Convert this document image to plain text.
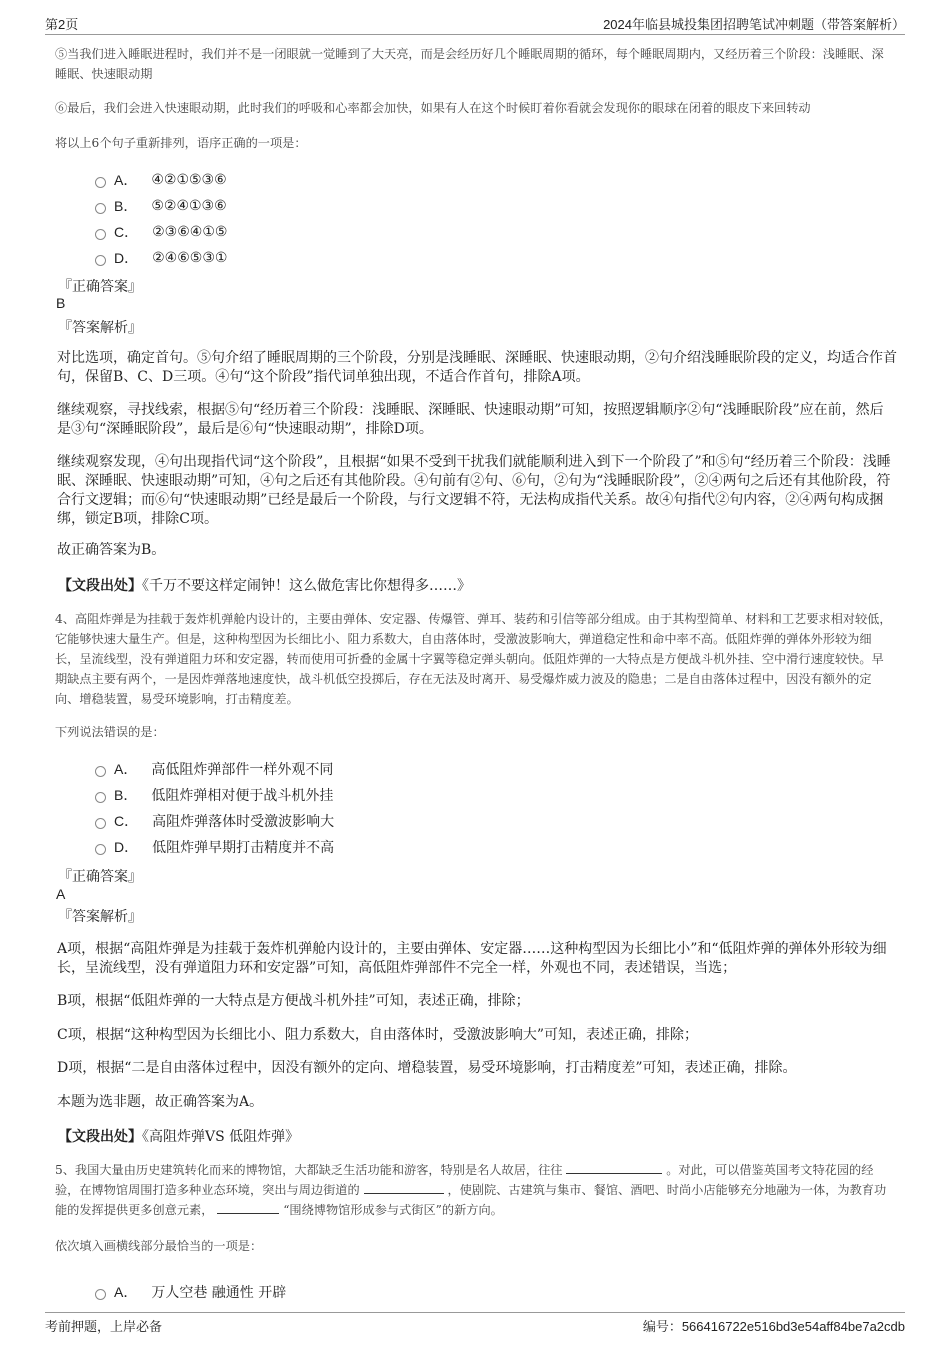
第2页	2024年临县城投集团招聘笔试冲刺题（带答案解析）

⑤当我们进入睡眠进程时，我们并不是一闭眼就一觉睡到了大天亮，而是会经历好几个睡眠周期的循环，每个睡眠周期内，又经历着三个阶段：浅睡眠、深睡眠、快速眼动期

⑥最后，我们会进入快速眼动期，此时我们的呼吸和心率都会加快，如果有人在这个时候盯着你看就会发现你的眼球在闭着的眼皮下来回转动

将以上6个句子重新排列，语序正确的一项是：

A． ④②①⑤③⑥
B． ⑤②④①③⑥
C． ②③⑥④①⑤
D． ②④⑥⑤③①
『正确答案』
B
『答案解析』

对比选项，确定首句。⑤句介绍了睡眠周期的三个阶段，分别是浅睡眠、深睡眠、快速眼动期，②句介绍浅睡眠阶段的定义，均适合作首句，保留B、C、D三项。④句“这个阶段”指代词单独出现，不适合作首句，排除A项。

继续观察，寻找线索，根据⑤句“经历着三个阶段：浅睡眠、深睡眠、快速眼动期”可知，按照逻辑顺序②句“浅睡眠阶段”应在前，然后是③句“深睡眠阶段”，最后是⑥句“快速眼动期”，排除D项。

继续观察发现，④句出现指代词“这个阶段”，且根据“如果不受到干扰我们就能顺利进入到下一个阶段了”和⑤句“经历着三个阶段：浅睡眠、深睡眠、快速眼动期”可知，④句之后还有其他阶段。④句前有②句、⑥句，②句为“浅睡眠阶段”，②④两句之后还有其他阶段，符合行文逻辑；而⑥句“快速眼动期”已经是最后一个阶段，与行文逻辑不符，无法构成指代关系。故④句指代②句内容，②④两句构成捆绑，锁定B项，排除C项。

故正确答案为B。

【文段出处】《千万不要这样定闹钟！这么做危害比你想得多……》

4、高阻炸弹是为挂载于轰炸机弹舱内设计的，主要由弹体、安定器、传爆管、弹耳、装药和引信等部分组成。由于其构型简单、材料和工艺要求相对较低，它能够快速大量生产。但是，这种构型因为长细比小、阻力系数大，自由落体时，受激波影响大，弹道稳定性和命中率不高。低阻炸弹的弹体外形较为细长，呈流线型，没有弹道阻力环和安定器，转而使用可折叠的金属十字翼等稳定弹头朝向。低阻炸弹的一大特点是方便战斗机外挂、空中滑行速度较快。早期缺点主要有两个，一是因炸弹落地速度快，战斗机低空投掷后，存在无法及时离开、易受爆炸威力波及的隐患；二是自由落体过程中，因没有额外的定向、增稳装置，易受环境影响，打击精度差。

下列说法错误的是：

A． 高低阻炸弹部件一样外观不同
B． 低阻炸弹相对便于战斗机外挂
C． 高阻炸弹落体时受激波影响大
D． 低阻炸弹早期打击精度并不高
『正确答案』
A
『答案解析』

A项，根据“高阻炸弹是为挂载于轰炸机弹舱内设计的，主要由弹体、安定器……这种构型因为长细比小”和“低阻炸弹的弹体外形较为细长，呈流线型，没有弹道阻力环和安定器”可知，高低阻炸弹部件不完全一样，外观也不同，表述错误，当选；

B项，根据“低阻炸弹的一大特点是方便战斗机外挂”可知，表述正确，排除；

C项，根据“这种构型因为长细比小、阻力系数大，自由落体时，受激波影响大”可知，表述正确，排除；

D项，根据“二是自由落体过程中，因没有额外的定向、增稳装置，易受环境影响，打击精度差”可知，表述正确，排除。

本题为选非题，故正确答案为A。

【文段出处】《高阻炸弹VS 低阻炸弹》

5、我国大量由历史建筑转化而来的博物馆，大都缺乏生活功能和游客，特别是名人故居，往往	。对此，可以借鉴英国考文特花园的经验，在博物馆周围打造多种业态环境，突出与周边街道的	，使剧院、古建筑与集市、餐馆、酒吧、时尚小店能够充分地融为一体，为教育功能的发挥提供更多创意元素，	“围绕博物馆形成参与式街区”的新方向。

依次填入画横线部分最恰当的一项是：

A． 万人空巷 融通性 开辟
考前押题，上岸必备	编号：566416722e516bd3e54aff84be7a2cdb
